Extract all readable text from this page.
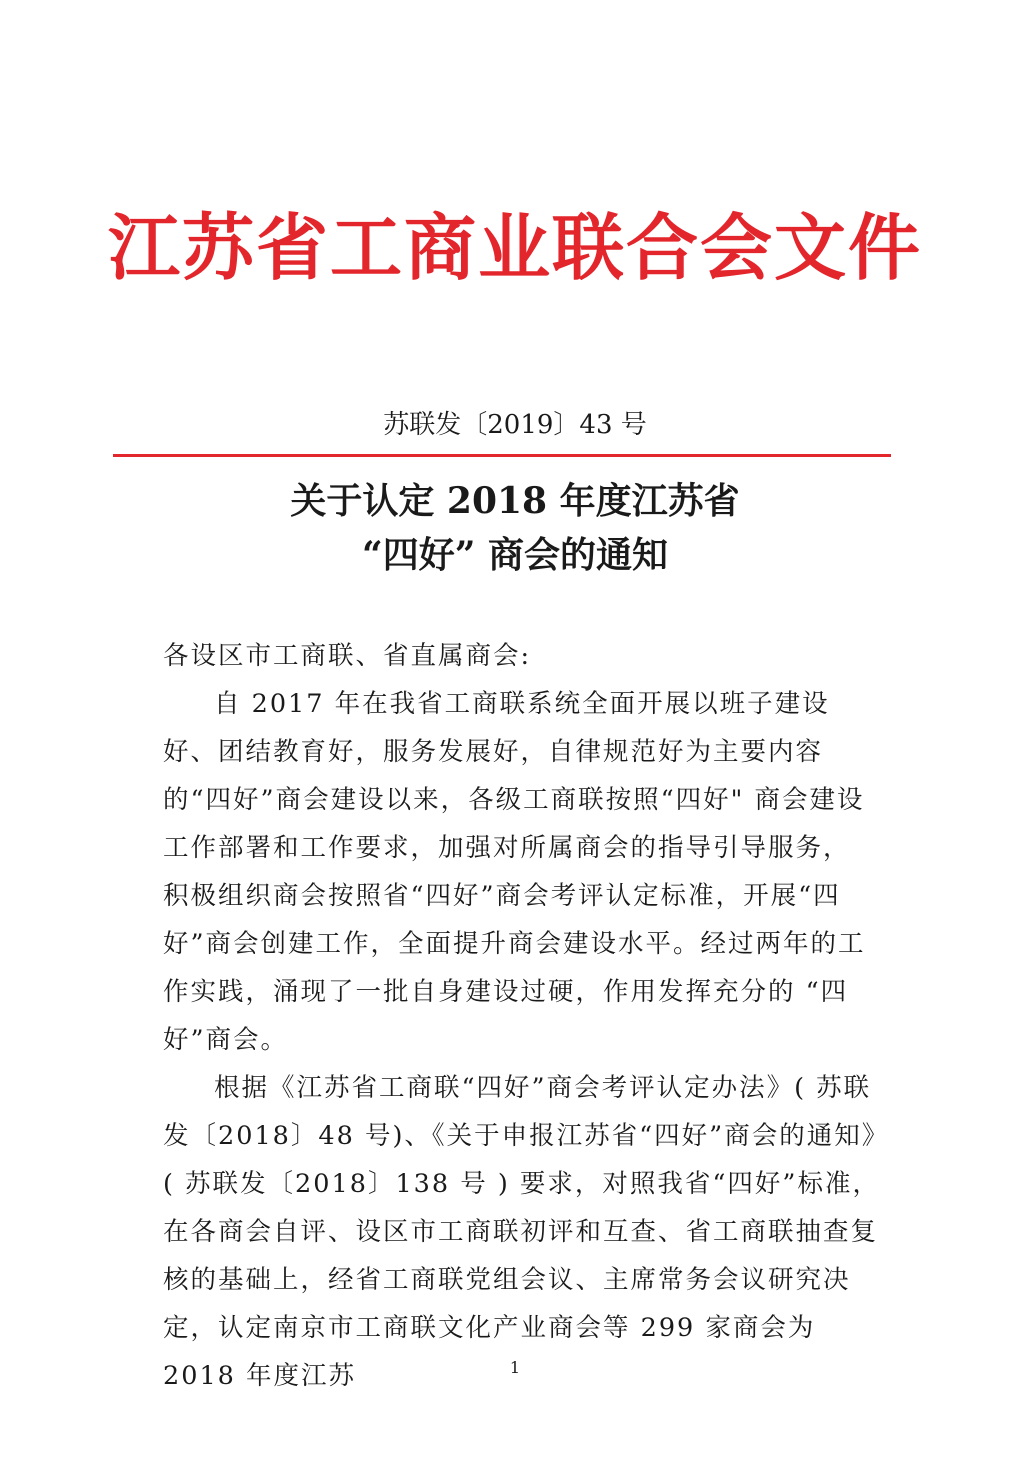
江苏省工商业联合会文件
苏联发〔2019〕43 号
关于认定 2018 年度江苏省
“四好” 商会的通知

各设区市工商联、省直属商会:

自 2017 年在我省工商联系统全面开展以班子建设好、团结教育好，服务发展好，自律规范好为主要内容的“四好”商会建设以来，各级工商联按照“四好" 商会建设工作部署和工作要求，加强对所属商会的指导引导服务， 积极组织商会按照省“四好”商会考评认定标准，开展“四好”商会创建工作，全面提升商会建设水平。经过两年的工作实践，涌现了一批自身建设过硬，作用发挥充分的 “四好”商会。

根据《江苏省工商联“四好”商会考评认定办法》( 苏联发〔2018〕48 号)、《关于申报江苏省“四好”商会的通知》( 苏联发〔2018〕138 号 ) 要求，对照我省“四好”标准，在各商会自评、设区市工商联初评和互查、省工商联抽查复核的基础上，经省工商联党组会议、主席常务会议研究决定，认定南京市工商联文化产业商会等 299 家商会为 2018 年度江苏	1
